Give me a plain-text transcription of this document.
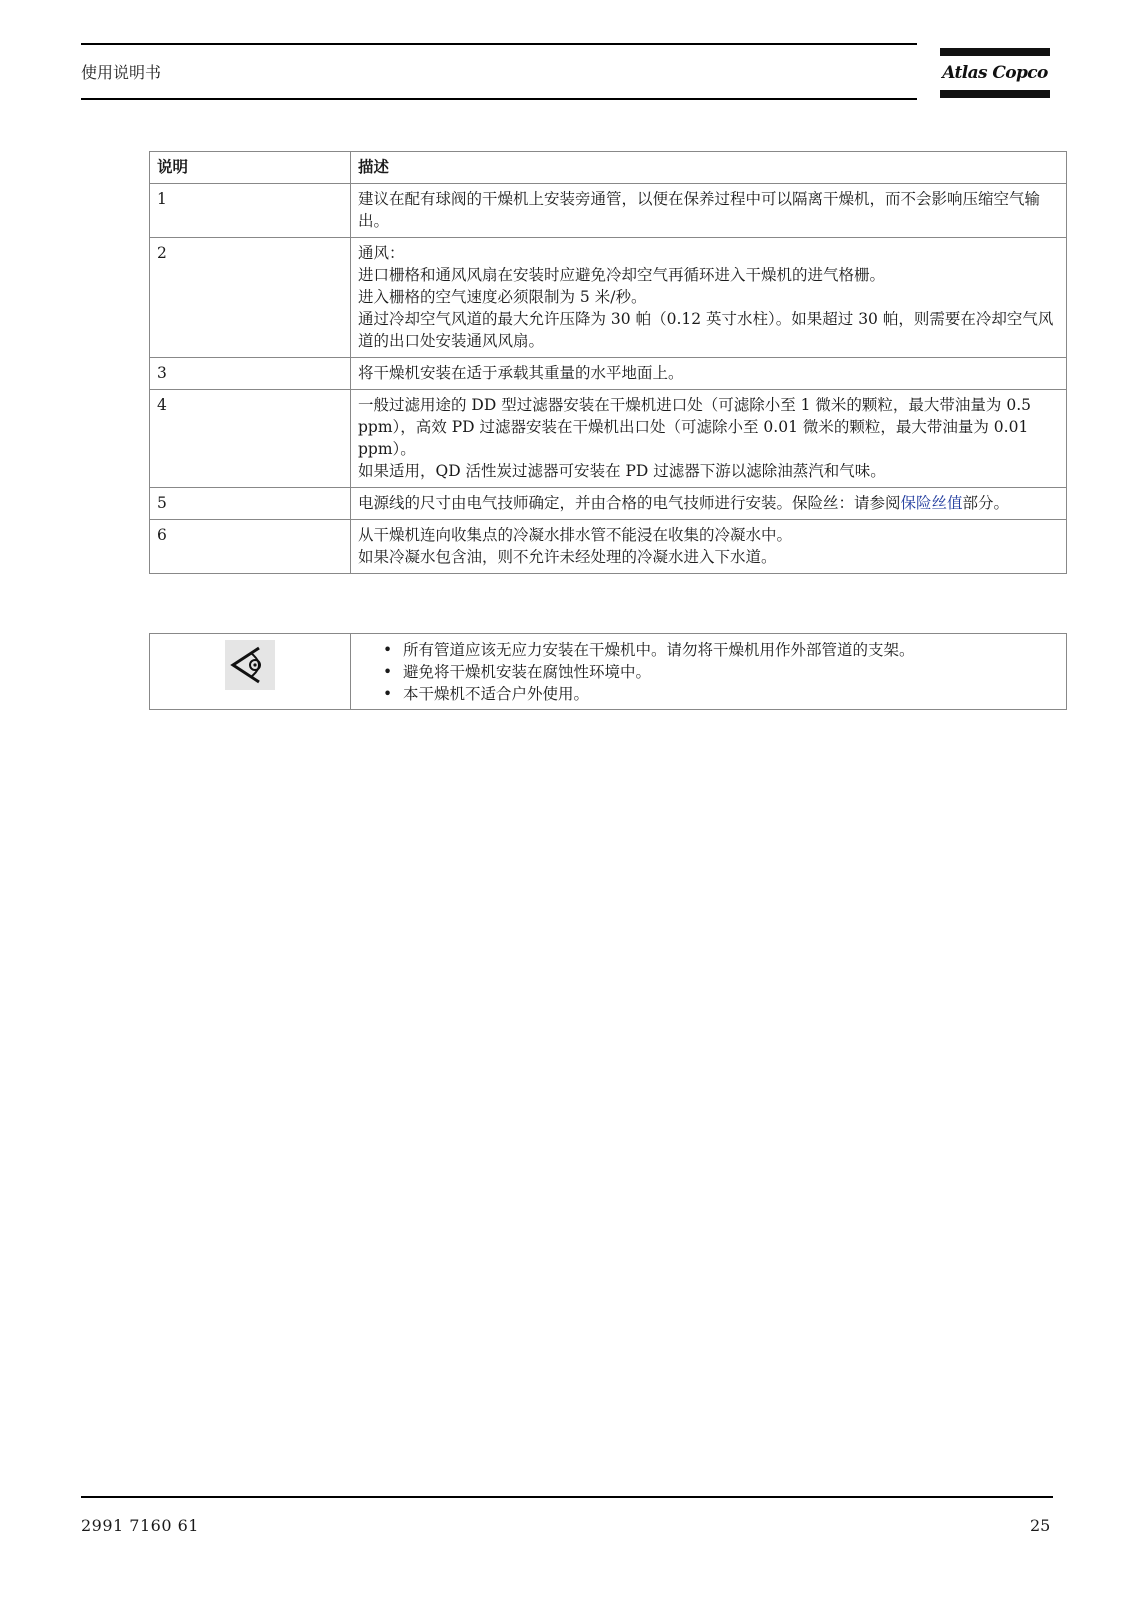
使用说明书	Atlas Copco
说明	描述
1	建议在配有球阀的干燥机上安装旁通管，以便在保养过程中可以隔离干燥机，而不会影响压缩空气输出。

2	通风：
进口栅格和通风风扇在安装时应避免冷却空气再循环进入干燥机的进气格栅。
进入栅格的空气速度必须限制为 5 米/秒。
通过冷却空气风道的最大允许压降为 30 帕（0.12 英寸水柱）。如果超过 30 帕，则需要在冷却空气风道的出口处安装通风风扇。

3	将干燥机安装在适于承载其重量的水平地面上。

4	一般过滤用途的 DD 型过滤器安装在干燥机进口处（可滤除小至 1 微米的颗粒，最大带油量为 0.5 ppm），高效 PD 过滤器安装在干燥机出口处（可滤除小至 0.01 微米的颗粒，最大带油量为 0.01 ppm）。
如果适用，QD 活性炭过滤器可安装在 PD 过滤器下游以滤除油蒸汽和气味。

5	电源线的尺寸由电气技师确定，并由合格的电气技师进行安装。保险丝：请参阅保险丝值部分。
6	从干燥机连向收集点的冷凝水排水管不能浸在收集的冷凝水中。
如果冷凝水包含油，则不允许未经处理的冷凝水进入下水道。

• 所有管道应该无应力安装在干燥机中。请勿将干燥机用作外部管道的支架。
• 避免将干燥机安装在腐蚀性环境中。
• 本干燥机不适合户外使用。
2991 7160 61	25
